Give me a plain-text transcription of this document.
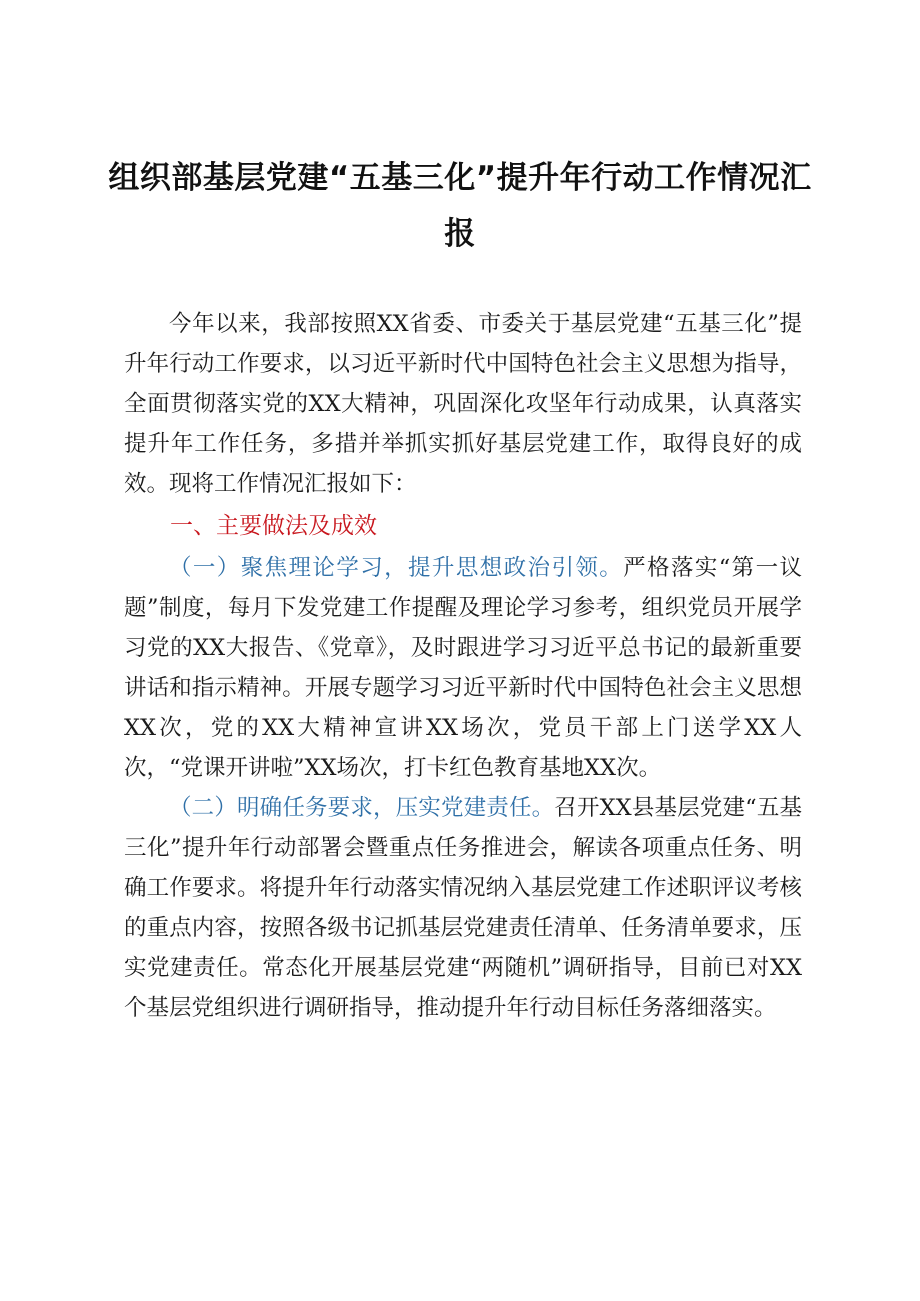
组织部基层党建“五基三化”提升年行动工作情况汇报

今年以来，我部按照XX省委、市委关于基层党建“五基三化”提升年行动工作要求，以习近平新时代中国特色社会主义思想为指导，全面贯彻落实党的XX大精神，巩固深化攻坚年行动成果，认真落实提升年工作任务，多措并举抓实抓好基层党建工作，取得良好的成效。现将工作情况汇报如下：

一、主要做法及成效

（一）聚焦理论学习，提升思想政治引领。严格落实“第一议题”制度，每月下发党建工作提醒及理论学习参考，组织党员开展学习党的XX大报告、《党章》，及时跟进学习习近平总书记的最新重要讲话和指示精神。开展专题学习习近平新时代中国特色社会主义思想XX次，党的XX大精神宣讲XX场次，党员干部上门送学XX人次，“党课开讲啦”XX场次，打卡红色教育基地XX次。

（二）明确任务要求，压实党建责任。召开XX县基层党建“五基三化”提升年行动部署会暨重点任务推进会，解读各项重点任务、明确工作要求。将提升年行动落实情况纳入基层党建工作述职评议考核的重点内容，按照各级书记抓基层党建责任清单、任务清单要求，压实党建责任。常态化开展基层党建“两随机”调研指导，目前已对XX个基层党组织进行调研指导，推动提升年行动目标任务落细落实。
